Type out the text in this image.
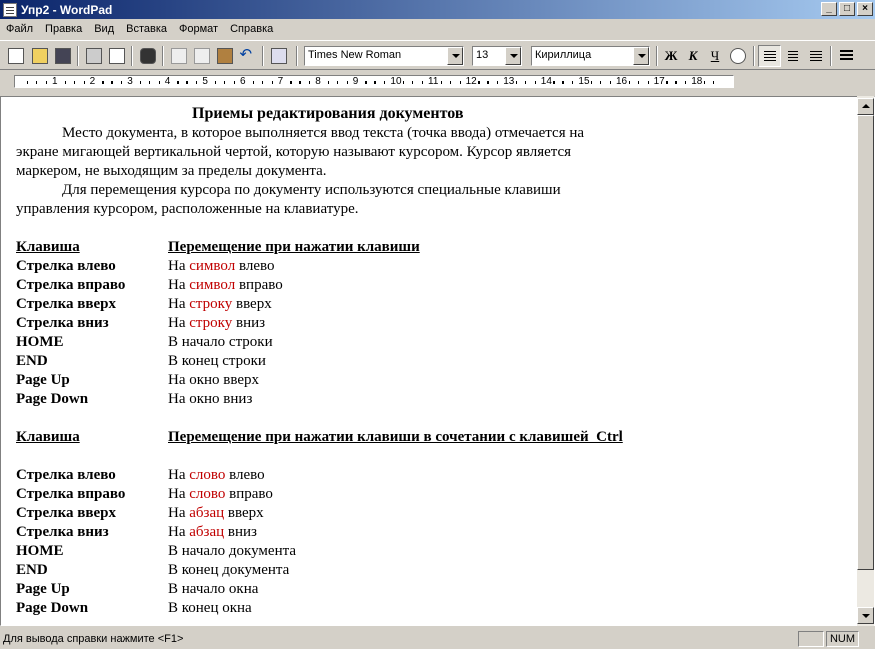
Упр2 - WordPad	_	□	×
Файл	Правка	Вид	Вставка	Формат	Справка
↶	Times New Roman	13	Кириллица	Ж К	Ч
1	2	3	4	5	6	7	8	9	10	11	12	13	14	15	16	17	18
Приемы редактирования документов
Место документа, в которое выполняется ввод текста (точка ввода) отмечается на
экране мигающей вертикальной чертой, которую называют курсором. Курсор является
маркером, не выходящим за пределы документа.
Для перемещения курсора по документу используются специальные клавиши
управления курсором, расположенные на клавиатуре.
Клавиша	Перемещение при нажатии клавиши
Стрелка влево	На символ влево
Стрелка вправо	На символ вправо
Стрелка вверх	На строку вверх
Стрелка вниз	На строку вниз
HOME	В начало строки
END	В конец строки
Page Up	На окно вверх
Page Down	На окно вниз
Клавиша	Перемещение при нажатии клавиши в сочетании с клавишей  Ctrl
Стрелка влево	На слово влево
Стрелка вправо	На слово вправо
Стрелка вверх	На абзац вверх
Стрелка вниз	На абзац вниз
HOME	В начало документа
END	В конец документа
Page Up	В начало окна
Page Down	В конец окна
Для вывода справки нажмите <F1>	NUM
